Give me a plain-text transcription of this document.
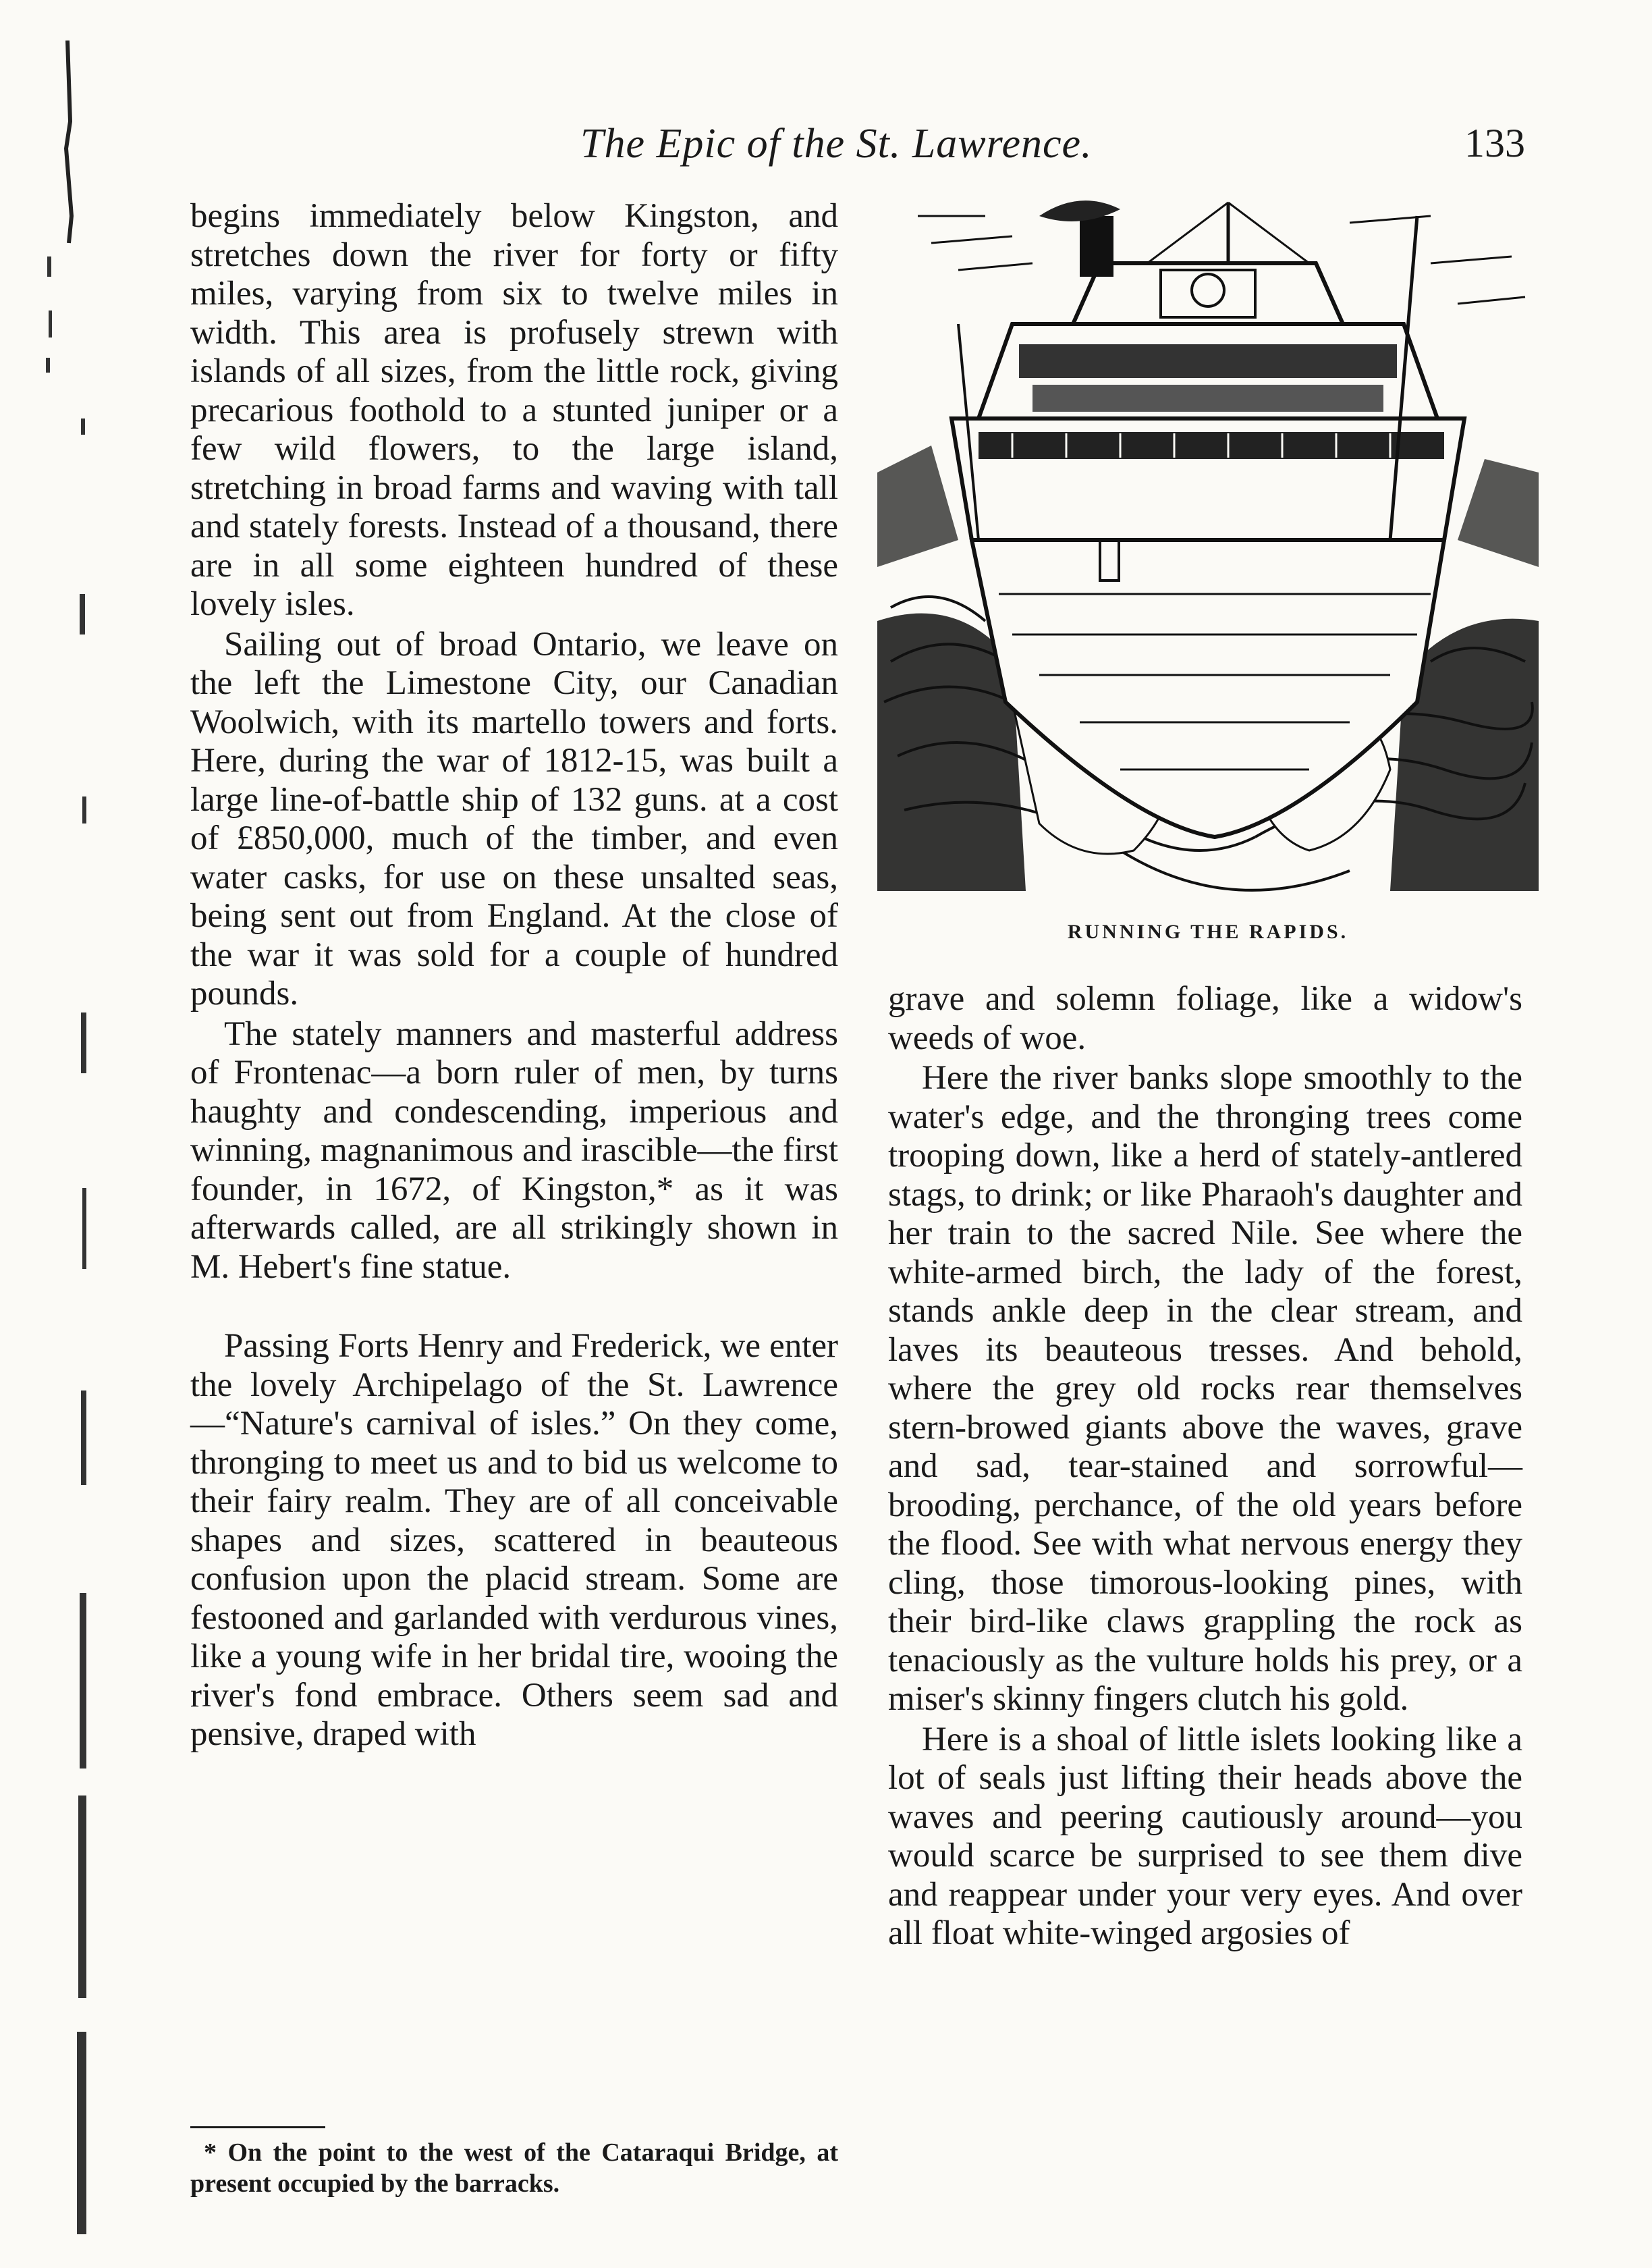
The Epic of the St. Lawrence.	133

begins immediately below Kingston, and stretches down the river for forty or fifty miles, varying from six to twelve miles in width. This area is profusely strewn with islands of all sizes, from the little rock, giving precarious foothold to a stunted juniper or a few wild flowers, to the large island, stretching in broad farms and waving with tall and stately forests. Instead of a thousand, there are in all some eighteen hundred of these lovely isles.

Sailing out of broad Ontario, we leave on the left the Limestone City, our Canadian Woolwich, with its martello towers and forts. Here, during the war of 1812-15, was built a large line-of-battle ship of 132 guns. at a cost of £850,000, much of the timber, and even water casks, for use on these unsalted seas, being sent out from England. At the close of the war it was sold for a couple of hundred pounds.

The stately manners and masterful address of Frontenac—a born ruler of men, by turns haughty and condescending, imperious and winning, magnanimous and irascible—the first founder, in 1672, of Kingston,* as it was afterwards called, are all strikingly shown in M. Hebert's fine statue.

Passing Forts Henry and Frederick, we enter the lovely Archipelago of the St. Lawrence—“Nature's carnival of isles.” On they come, thronging to meet us and to bid us welcome to their fairy realm. They are of all conceivable shapes and sizes, scattered in beauteous confusion upon the placid stream. Some are festooned and garlanded with verdurous vines, like a young wife in her bridal tire, wooing the river's fond embrace. Others seem sad and pensive, draped with

RUNNING THE RAPIDS.

grave and solemn foliage, like a widow's weeds of woe.

Here the river banks slope smoothly to the water's edge, and the thronging trees come trooping down, like a herd of stately-antlered stags, to drink; or like Pharaoh's daughter and her train to the sacred Nile. See where the white-armed birch, the lady of the forest, stands ankle deep in the clear stream, and laves its beauteous tresses. And behold, where the grey old rocks rear themselves stern-browed giants above the waves, grave and sad, tear-stained and sorrowful—brooding, perchance, of the old years before the flood. See with what nervous energy they cling, those timorous-looking pines, with their bird-like claws grappling the rock as tenaciously as the vulture holds his prey, or a miser's skinny fingers clutch his gold.

Here is a shoal of little islets looking like a lot of seals just lifting their heads above the waves and peering cautiously around—you would scarce be surprised to see them dive and reappear under your very eyes. And over all float white-winged argosies of

* On the point to the west of the Cataraqui Bridge, at present occupied by the barracks.
